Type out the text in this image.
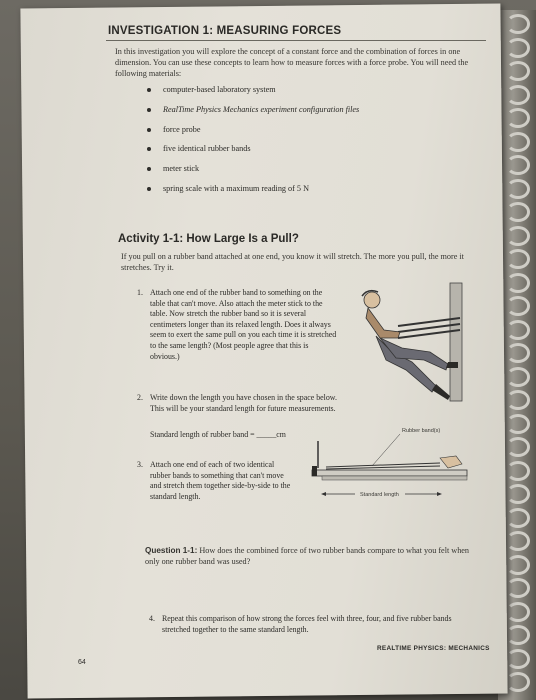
INVESTIGATION 1: MEASURING FORCES
In this investigation you will explore the concept of a constant force and the combination of forces in one dimension. You can use these concepts to learn how to measure forces with a force probe. You will need the following materials:
computer-based laboratory system
RealTime Physics Mechanics experiment configuration files
force probe
five identical rubber bands
meter stick
spring scale with a maximum reading of 5 N
Activity 1-1: How Large Is a Pull?
If you pull on a rubber band attached at one end, you know it will stretch. The more you pull, the more it stretches. Try it.
1. Attach one end of the rubber band to something on the table that can't move. Also attach the meter stick to the table. Now stretch the rubber band so it is several centimeters longer than its relaxed length. Does it always seem to exert the same pull on you each time it is stretched to the same length? (Most people agree that this is obvious.)
2. Write down the length you have chosen in the space below. This will be your standard length for future measurements.
Standard length of rubber band = _____cm
3. Attach one end of each of two identical rubber bands to something that can't move and stretch them together side-by-side to the standard length.
Question 1-1: How does the combined force of two rubber bands compare to what you felt when only one rubber band was used?
4. Repeat this comparison of how strong the forces feel with three, four, and five rubber bands stretched together to the same standard length.
Rubber band(s)
Standard length
REALTIME PHYSICS: MECHANICS
64
